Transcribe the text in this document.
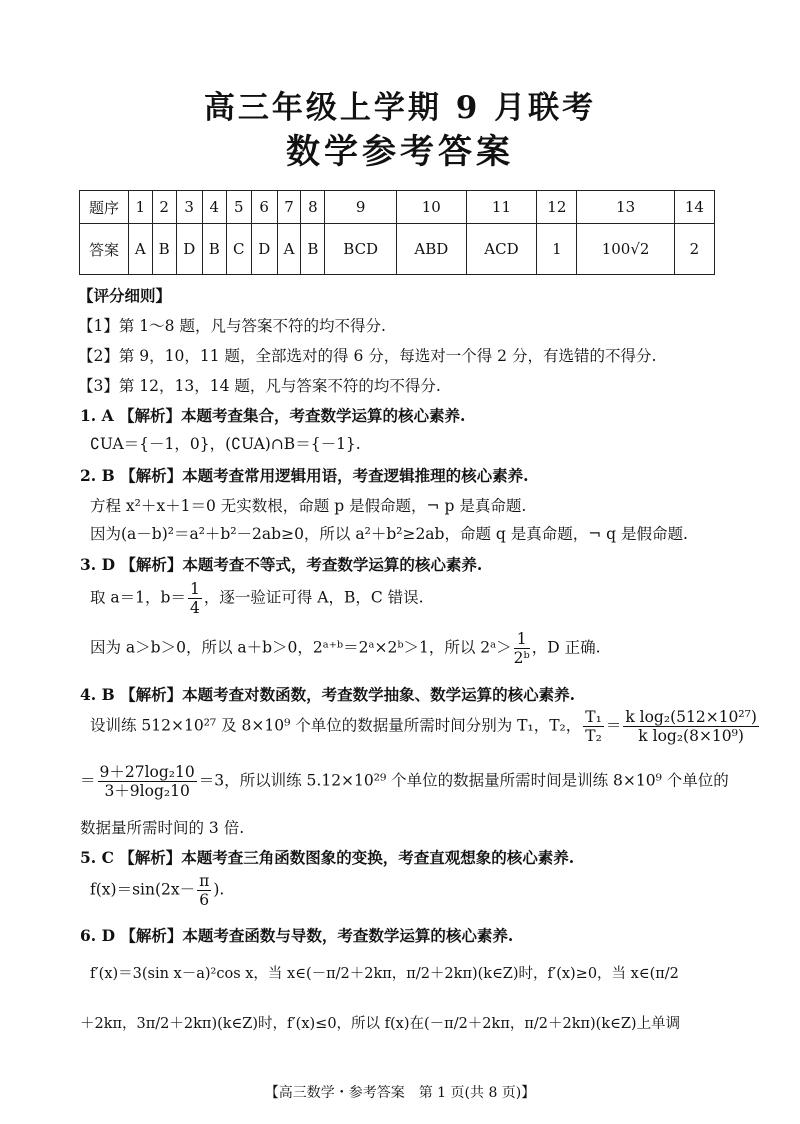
高三年级上学期 9 月联考
数学参考答案
题序	1	2	3	4	5	6	7	8	9	10	11	12	13	14
答案	A	B	D	B	C	D	A	B	BCD	ABD	ACD	1	100√2	2
【评分细则】
【1】第 1～8 题，凡与答案不符的均不得分.
【2】第 9，10，11 题，全部选对的得 6 分，每选对一个得 2 分，有选错的不得分.
【3】第 12，13，14 题，凡与答案不符的均不得分.
1. A 【解析】本题考查集合，考查数学运算的核心素养.
∁UA＝{－1，0}，(∁UA)∩B＝{－1}.
2. B 【解析】本题考查常用逻辑用语，考查逻辑推理的核心素养.
方程 x²＋x＋1＝0 无实数根，命题 p 是假命题，¬ p 是真命题.
因为(a－b)²＝a²＋b²－2ab≥0，所以 a²＋b²≥2ab，命题 q 是真命题，¬ q 是假命题.
3. D 【解析】本题考查不等式，考查数学运算的核心素养.
取 a＝1，$b= \frac{1}{4}$ ，逐一验证可得 A，B，C 错误.
因为 a＞b＞0，所以 a＋b＞0，2ᵃ⁺ᵇ＝2ᵃ×2ᵇ＞1，所以 2ᵃ＞ $\frac{1}{\text{2ᵇ}}$ ，D 正确.
4. B 【解析】本题考查对数函数，考查数学抽象、数学运算的核心素养.
设训练 512×10²⁷ 及 8×10⁹ 个单位的数据量所需时间分别为 T₁，T₂， $\frac{\text{T₁}}{\text{T₂}} = \frac{\text{k log₂(512×10²⁷)}}{\text{k log₂(8×10⁹)}}$
＝ $\frac{\text{9＋27log₂10}}{\text{3＋9log₂10}} =3$，所以训练 5.12×10²⁹ 个单位的数据量所需时间是训练 8×10⁹ 个单位的
数据量所需时间的 3 倍.
5. C 【解析】本题考查三角函数图象的变换，考查直观想象的核心素养.
$f(x)=\sin(2x- \frac{\pi}{6}$ ).
6. D 【解析】本题考查函数与导数，考查数学运算的核心素养.
f′(x)＝3(sin x－a)²cos x，当 x∈(－π/2＋2kπ，π/2＋2kπ)(k∈Z)时，f′(x)≥0，当 x∈(π/2
＋2kπ，3π/2＋2kπ)(k∈Z)时，f′(x)≤0，所以 f(x)在(－π/2＋2kπ，π/2＋2kπ)(k∈Z)上单调
【高三数学・参考答案　第 1 页(共 8 页)】
